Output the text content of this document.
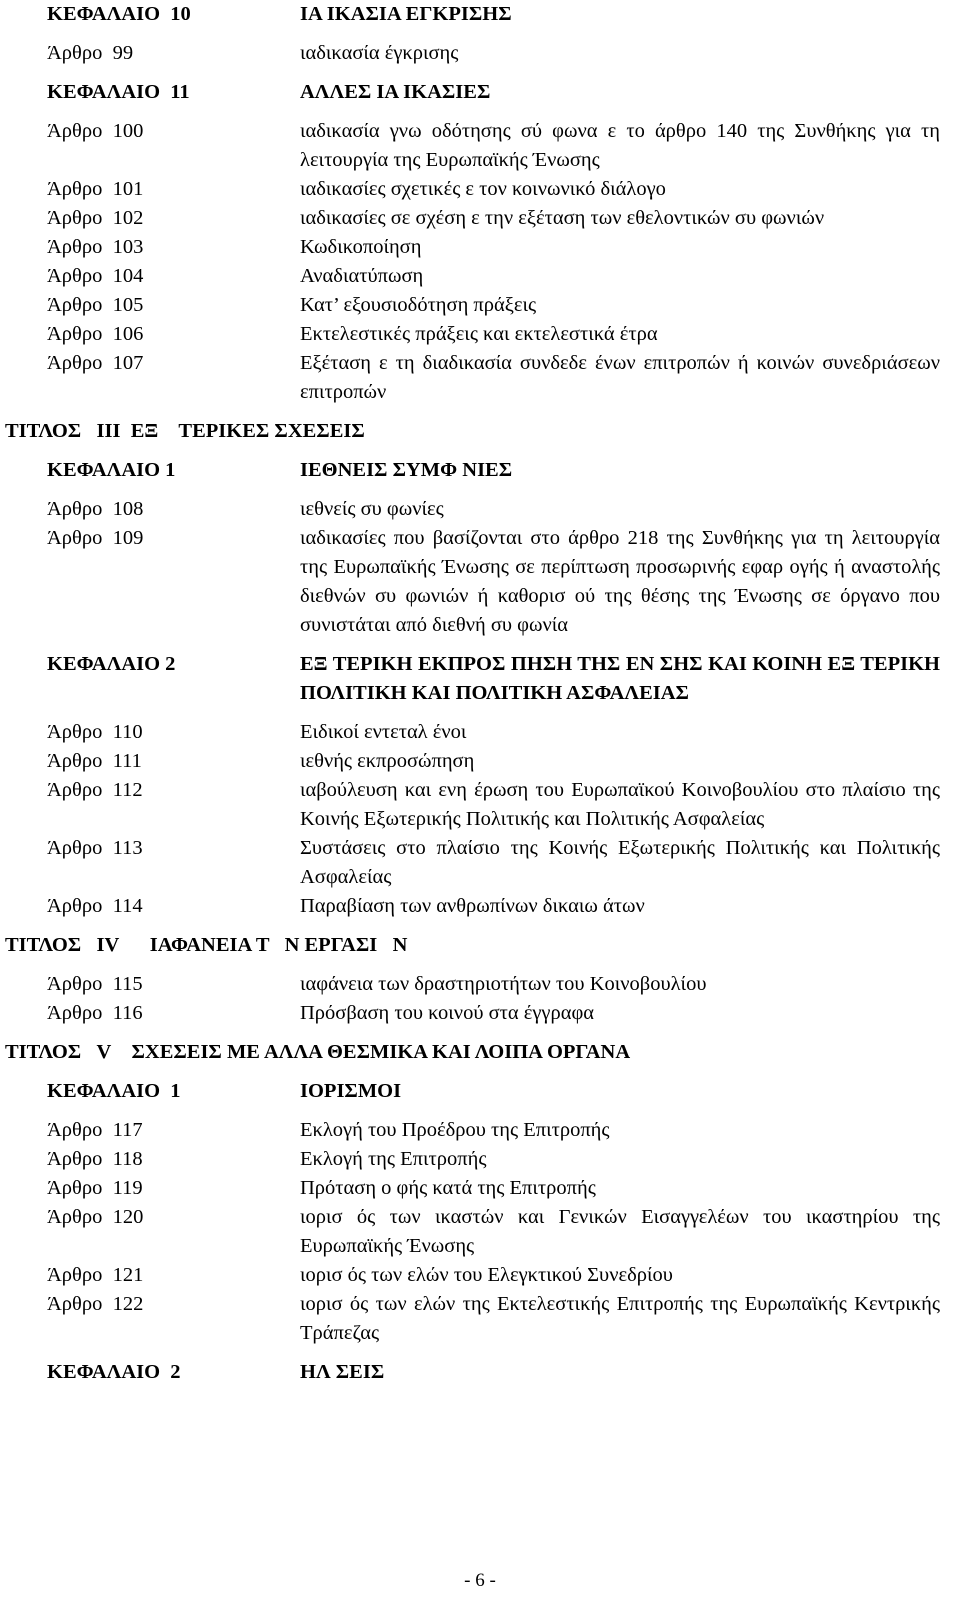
ΚΕΦΑΛΑΙΟ  10	ΙΑ ΙΚΑΣΙΑ ΕΓΚΡΙΣΗΣ
Άρθρο  99	ιαδικασία έγκρισης
ΚΕΦΑΛΑΙΟ  11	ΑΛΛΕΣ ΙΑ ΙΚΑΣΙΕΣ
Άρθρο  100	ιαδικασία γνω οδότησης σύ φωνα ε το άρθρο 140 της Συνθήκης για τη λειτουργία της Ευρωπαϊκής Ένωσης
Άρθρο  101	ιαδικασίες σχετικές ε τον κοινωνικό διάλογο
Άρθρο  102	ιαδικασίες σε σχέση ε την εξέταση των εθελοντικών συ φωνιών
Άρθρο  103	Κωδικοποίηση
Άρθρο  104	Αναδιατύπωση
Άρθρο  105	Κατ’ εξουσιοδότηση πράξεις
Άρθρο  106	Εκτελεστικές πράξεις και εκτελεστικά έτρα
Άρθρο  107	Εξέταση ε τη διαδικασία συνδεδε ένων επιτροπών ή κοινών συνεδριάσεων επιτροπών
ΤΙΤΛΟΣ   III  ΕΞ    ΤΕΡΙΚΕΣ ΣΧΕΣΕΙΣ
ΚΕΦΑΛΑΙΟ 1	ΙΕΘΝΕΙΣ ΣΥΜΦ ΝΙΕΣ
Άρθρο  108	ιεθνείς συ φωνίες
Άρθρο  109	ιαδικασίες που βασίζονται στο άρθρο 218 της Συνθήκης για τη λειτουργία της Ευρωπαϊκής Ένωσης σε περίπτωση προσωρινής εφαρ ογής ή αναστολής διεθνών συ φωνιών ή καθορισ ού της θέσης της Ένωσης σε όργανο που συνιστάται από διεθνή συ φωνία
ΚΕΦΑΛΑΙΟ 2	ΕΞ ΤΕΡΙΚΗ ΕΚΠΡΟΣ ΠΗΣΗ ΤΗΣ ΕΝ ΣΗΣ ΚΑΙ ΚΟΙΝΗ ΕΞ ΤΕΡΙΚΗ ΠΟΛΙΤΙΚΗ ΚΑΙ ΠΟΛΙΤΙΚΗ ΑΣΦΑΛΕΙΑΣ
Άρθρο  110	Ειδικοί εντεταλ ένοι
Άρθρο  111	ιεθνής εκπροσώπηση
Άρθρο  112	ιαβούλευση και ενη έρωση του Ευρωπαϊκού Κοινοβουλίου στο πλαίσιο της Κοινής Εξωτερικής Πολιτικής και Πολιτικής Ασφαλείας
Άρθρο  113	Συστάσεις στο πλαίσιο της Κοινής Εξωτερικής Πολιτικής και Πολιτικής Ασφαλείας
Άρθρο  114	Παραβίαση των ανθρωπίνων δικαιω άτων
ΤΙΤΛΟΣ   IV      ΙΑΦΑΝΕΙΑ Τ   Ν ΕΡΓΑΣΙ   Ν
Άρθρο  115	ιαφάνεια των δραστηριοτήτων του Κοινοβουλίου
Άρθρο  116	Πρόσβαση του κοινού στα έγγραφα
ΤΙΤΛΟΣ   V    ΣΧΕΣΕΙΣ ΜΕ ΑΛΛΑ ΘΕΣΜΙΚΑ ΚΑΙ ΛΟΙΠΑ ΟΡΓΑΝΑ
ΚΕΦΑΛΑΙΟ  1	ΙΟΡΙΣΜΟΙ
Άρθρο  117	Εκλογή του Προέδρου της Επιτροπής
Άρθρο  118	Εκλογή της Επιτροπής
Άρθρο  119	Πρόταση ο φής κατά της Επιτροπής
Άρθρο  120	ιορισ ός των ικαστών και Γενικών Εισαγγελέων του ικαστηρίου της Ευρωπαϊκής Ένωσης
Άρθρο  121	ιορισ ός των ελών του Ελεγκτικού Συνεδρίου
Άρθρο  122	ιορισ ός των ελών της Εκτελεστικής Επιτροπής της Ευρωπαϊκής Κεντρικής Τράπεζας
ΚΕΦΑΛΑΙΟ  2	ΗΛ ΣΕΙΣ
- 6 -
